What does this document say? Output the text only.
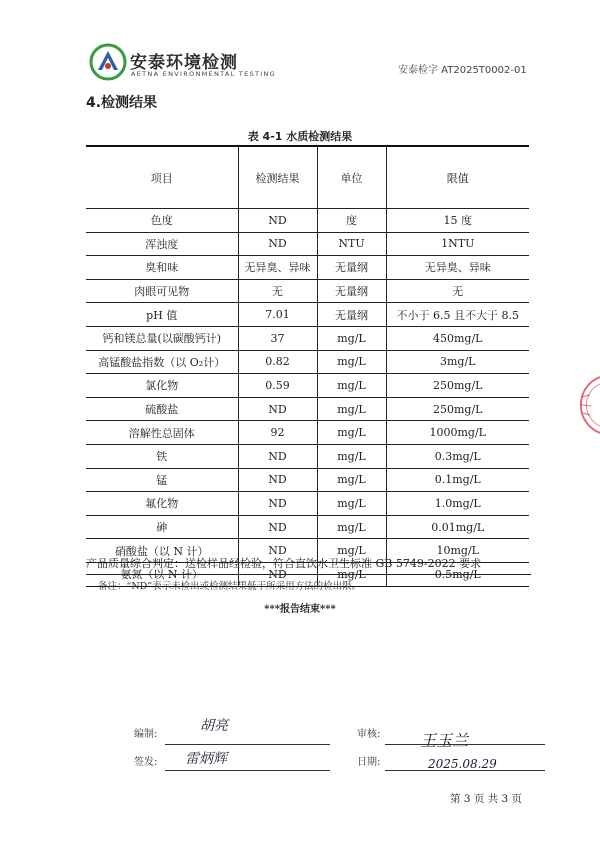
安泰环境检测
AETNA ENVIRONMENTAL TESTING	安泰检字 AT2025T0002-01
4.检测结果
表 4-1 水质检测结果
项目	检测结果	单位	限值
色度	ND	度	15 度
浑浊度	ND	NTU	1NTU
臭和味	无异臭、异味	无量纲	无异臭、异味
肉眼可见物	无	无量纲	无
pH 值	7.01	无量纲	不小于 6.5 且不大于 8.5
钙和镁总量(以碳酸钙计)	37	mg/L	450mg/L
高锰酸盐指数（以 O₂计）	0.82	mg/L	3mg/L
氯化物	0.59	mg/L	250mg/L
硫酸盐	ND	mg/L	250mg/L
溶解性总固体	92	mg/L	1000mg/L
铁	ND	mg/L	0.3mg/L
锰	ND	mg/L	0.1mg/L
氟化物	ND	mg/L	1.0mg/L
砷	ND	mg/L	0.01mg/L
硝酸盐（以 N 计）	ND	mg/L	10mg/L
氨氮（以 N 计）	ND	mg/L	0.5mg/L
产品质量综合判定：送检样品经检验，符合直饮水卫生标准 GB 5749-2022 要求
备注：“ND”表示未检出或检测结果低于所采用方法的检出限。
***报告结束***
编制:
胡亮
审核: 王玉兰
签发: 雷炳辉	日期:	2025.08.29
第 3 页 共 3 页
